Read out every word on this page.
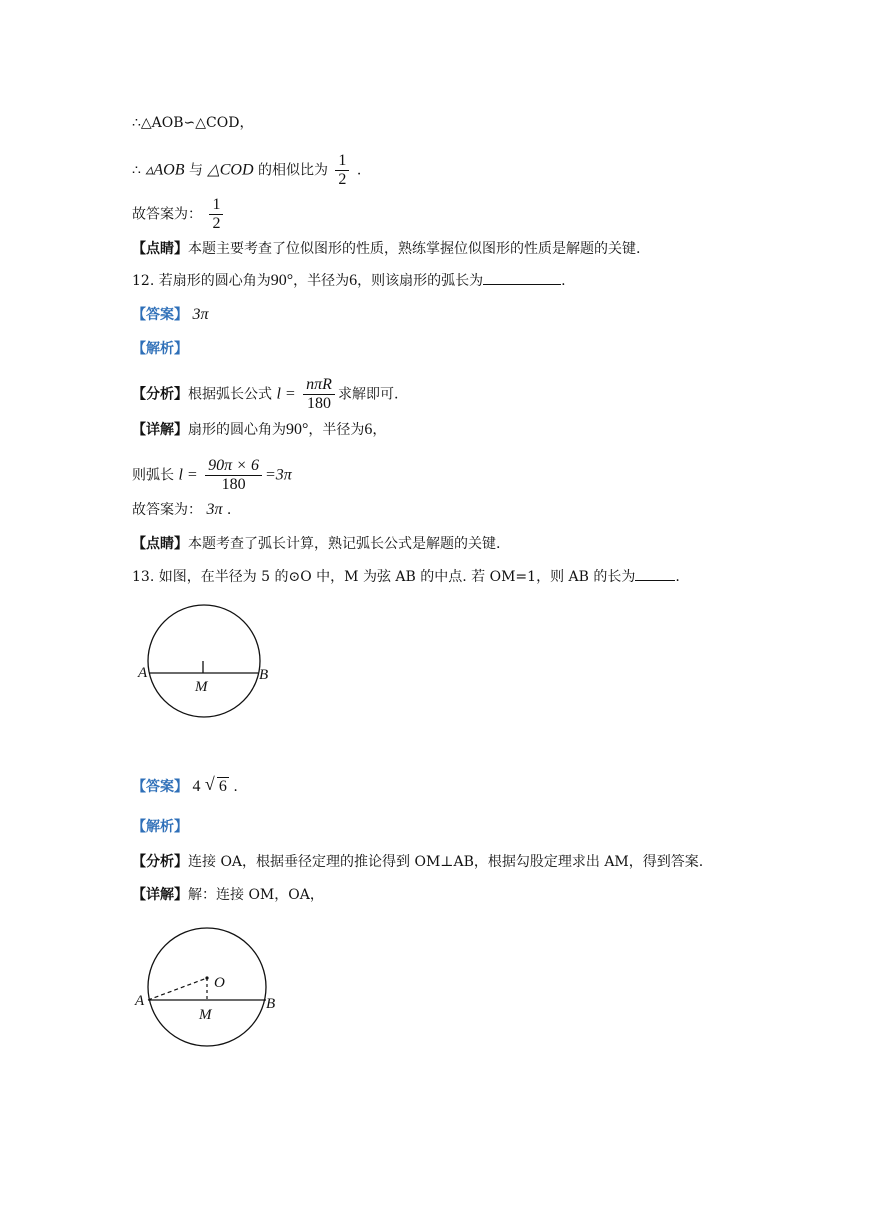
∴△AOB∽△COD，
∴ ▵AOB 与 △COD 的相似比为 $\frac{1}{2}$ .
故答案为： $\frac{1}{2}$
【点睛】本题主要考查了位似图形的性质，熟练掌握位似图形的性质是解题的关键.
12. 若扇形的圆心角为90°，半径为6，则该扇形的弧长为	.
【答案】 3π
【解析】
【分析】根据弧长公式 $l = \frac{\text{nπR}}{180}$ 求解即可.
【详解】扇形的圆心角为90°，半径为6，
则弧长 $l = \frac{90\pi \times 6}{180} =3\pi$
故答案为： 3π .
【点睛】本题考查了弧长计算，熟记弧长公式是解题的关键.
13. 如图，在半径为 5 的⊙O 中，M 为弦 AB 的中点. 若 OM=1，则 AB 的长为	.
A	B
M
【答案】 4 √ 6 .
【解析】
【分析】连接 OA，根据垂径定理的推论得到 OM⊥AB，根据勾股定理求出 AM，得到答案.
【详解】解：连接 OM，OA，
A	B
M
O
